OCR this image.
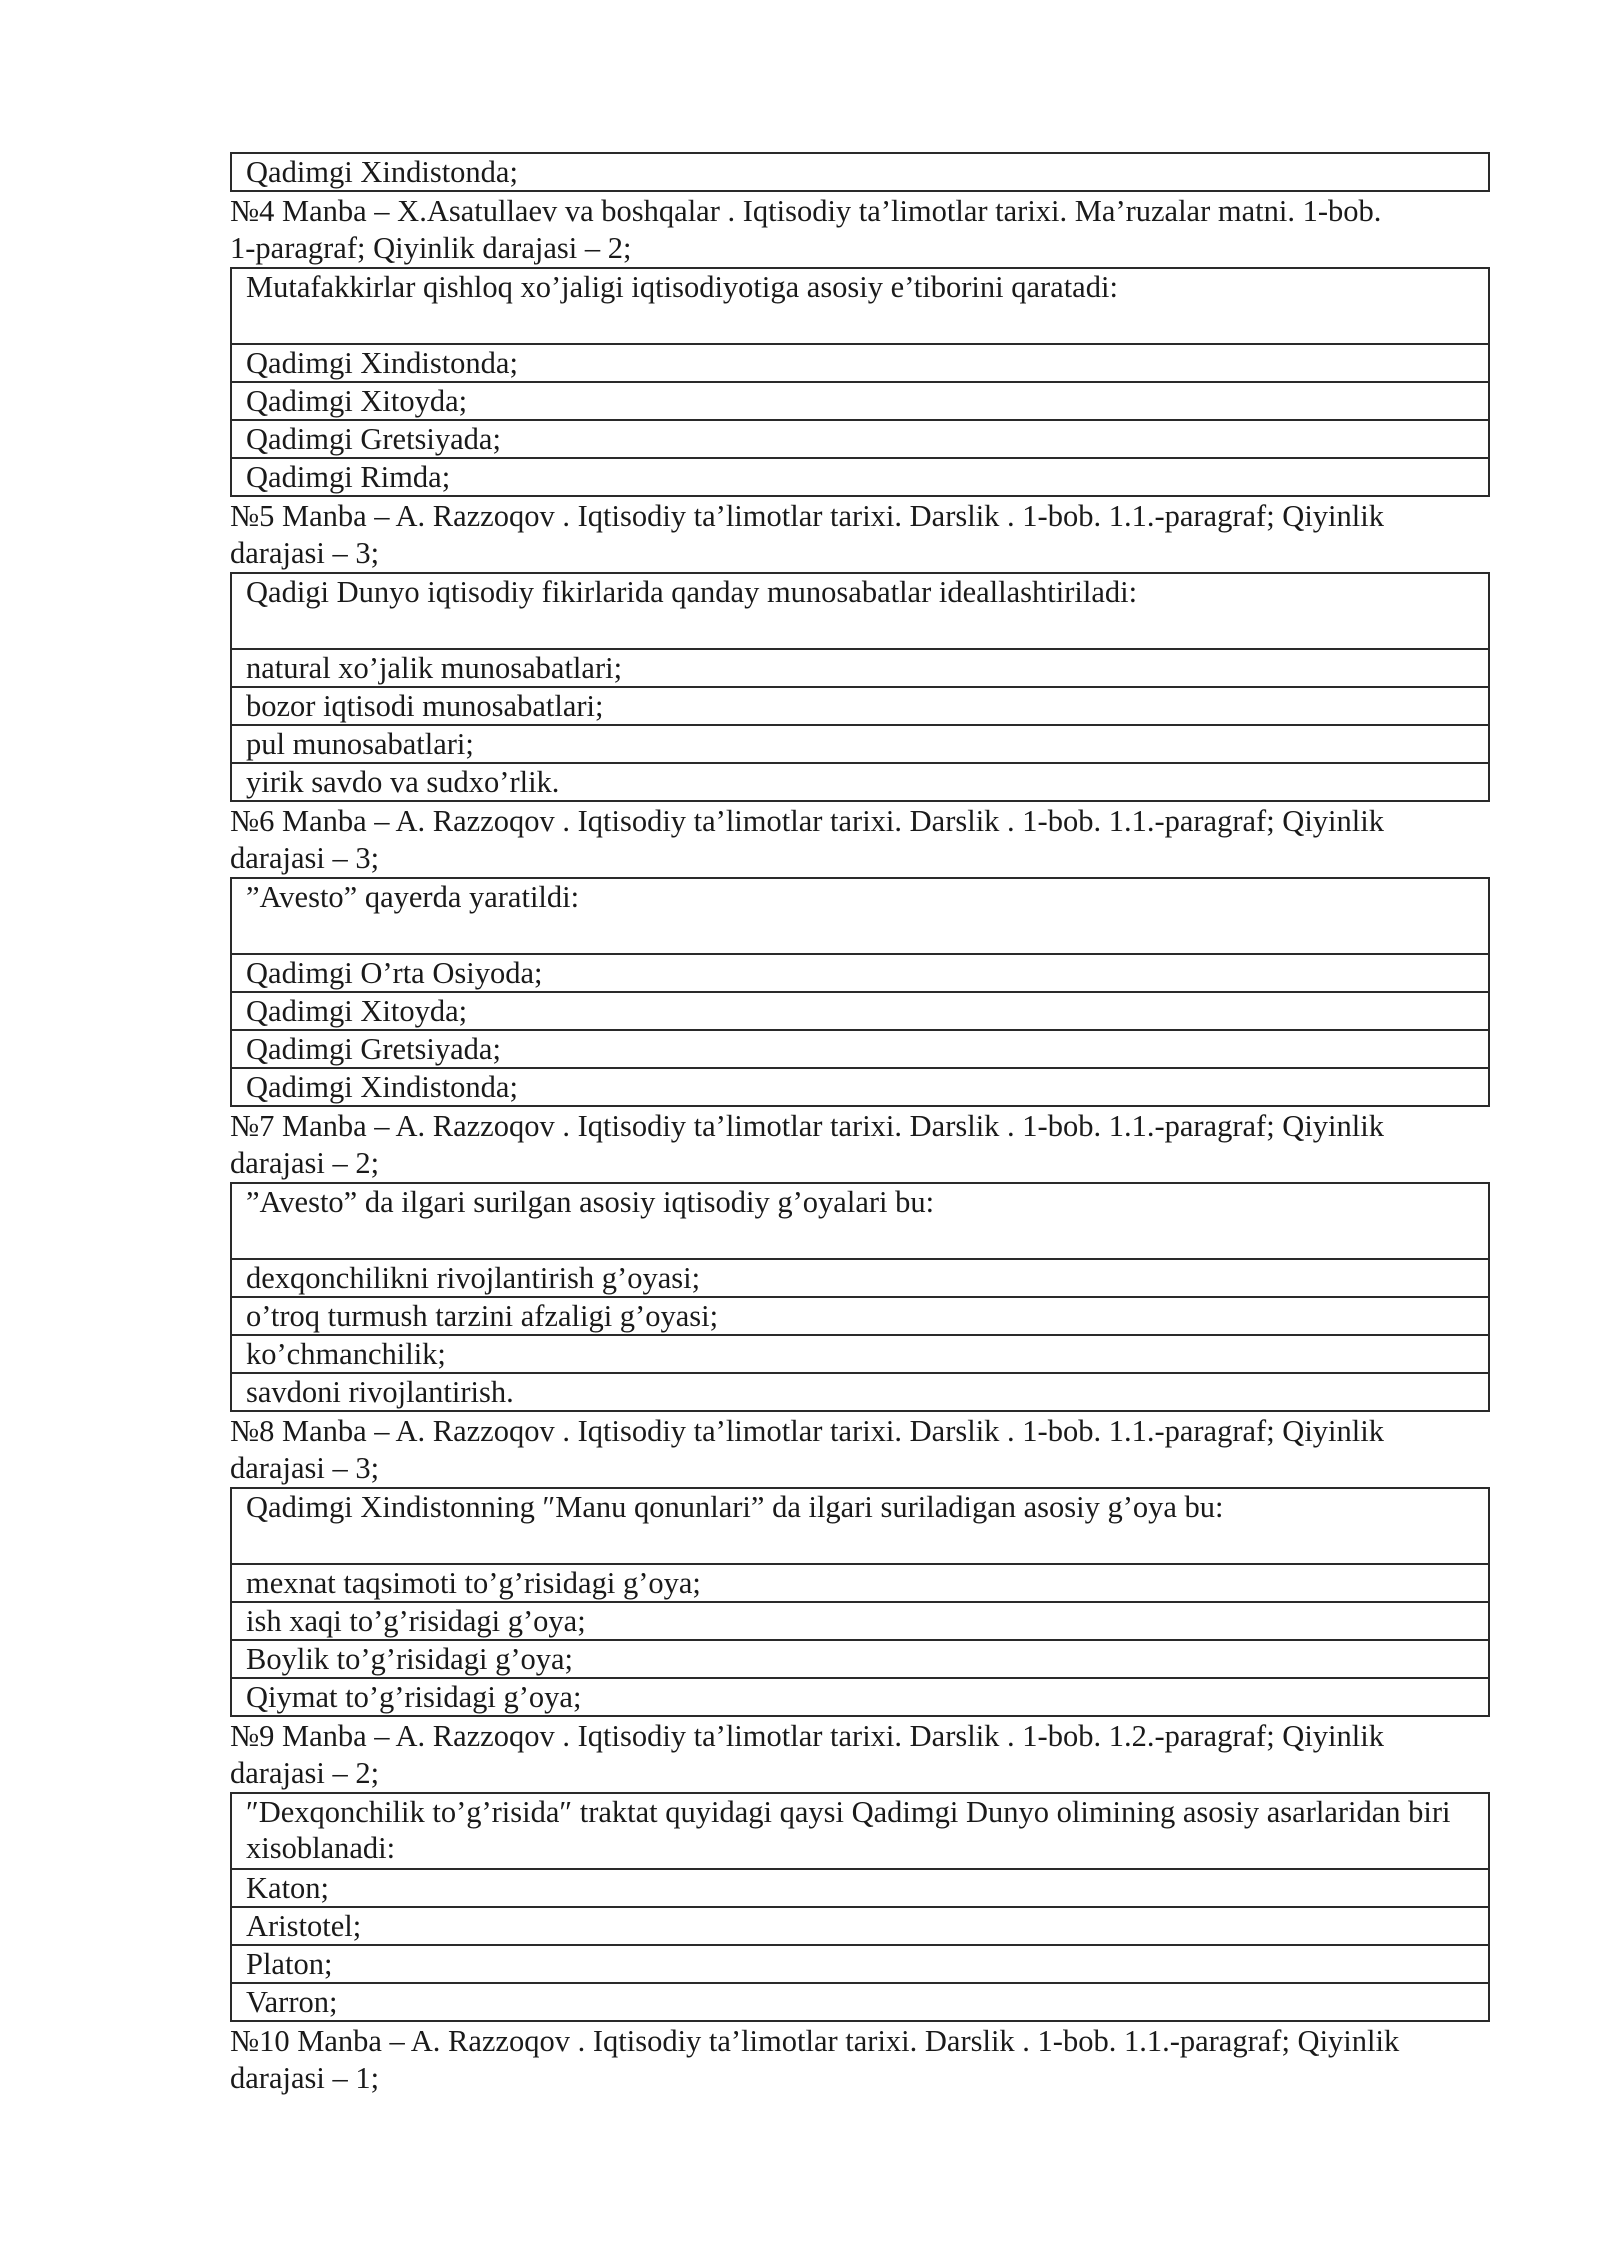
Qadimgi Xindistonda;
№4 Manba – X.Asatullaev va boshqalar . Iqtisodiy ta’limotlar tarixi. Ma’ruzalar matni. 1-bob.
1-paragraf; Qiyinlik darajasi – 2;
Mutafakkirlar qishloq xo’jaligi iqtisodiyotiga asosiy e’tiborini qaratadi:
Qadimgi Xindistonda;
Qadimgi Xitoyda;
Qadimgi Gretsiyada;
Qadimgi Rimda;
№5 Manba – A. Razzoqov . Iqtisodiy ta’limotlar tarixi. Darslik . 1-bob. 1.1.-paragraf; Qiyinlik
darajasi – 3;
Qadigi Dunyo iqtisodiy fikirlarida qanday munosabatlar ideallashtiriladi:
natural xo’jalik munosabatlari;
bozor iqtisodi munosabatlari;
pul munosabatlari;
yirik savdo va sudxo’rlik.
№6 Manba – A. Razzoqov . Iqtisodiy ta’limotlar tarixi. Darslik . 1-bob. 1.1.-paragraf; Qiyinlik
darajasi – 3;
”Avesto” qayerda yaratildi:
Qadimgi O’rta Osiyoda;
Qadimgi Xitoyda;
Qadimgi Gretsiyada;
Qadimgi Xindistonda;
№7 Manba – A. Razzoqov . Iqtisodiy ta’limotlar tarixi. Darslik . 1-bob. 1.1.-paragraf; Qiyinlik
darajasi – 2;
”Avesto” da ilgari surilgan asosiy iqtisodiy g’oyalari bu:
dexqonchilikni rivojlantirish g’oyasi;
o’troq turmush tarzini afzaligi g’oyasi;
ko’chmanchilik;
savdoni rivojlantirish.
№8 Manba – A. Razzoqov . Iqtisodiy ta’limotlar tarixi. Darslik . 1-bob. 1.1.-paragraf; Qiyinlik
darajasi – 3;
Qadimgi Xindistonning ″Manu qonunlari” da ilgari suriladigan asosiy g’oya bu:
mexnat taqsimoti to’g’risidagi g’oya;
ish xaqi to’g’risidagi g’oya;
Boylik to’g’risidagi g’oya;
Qiymat to’g’risidagi g’oya;
№9 Manba – A. Razzoqov . Iqtisodiy ta’limotlar tarixi. Darslik . 1-bob. 1.2.-paragraf; Qiyinlik
darajasi – 2;
″Dexqonchilik to’g’risida″ traktat quyidagi qaysi Qadimgi Dunyo olimining asosiy asarlaridan biri xisoblanadi:
Katon;
Aristotel;
Platon;
Varron;
№10 Manba – A. Razzoqov . Iqtisodiy ta’limotlar tarixi. Darslik . 1-bob. 1.1.-paragraf; Qiyinlik
darajasi – 1;
